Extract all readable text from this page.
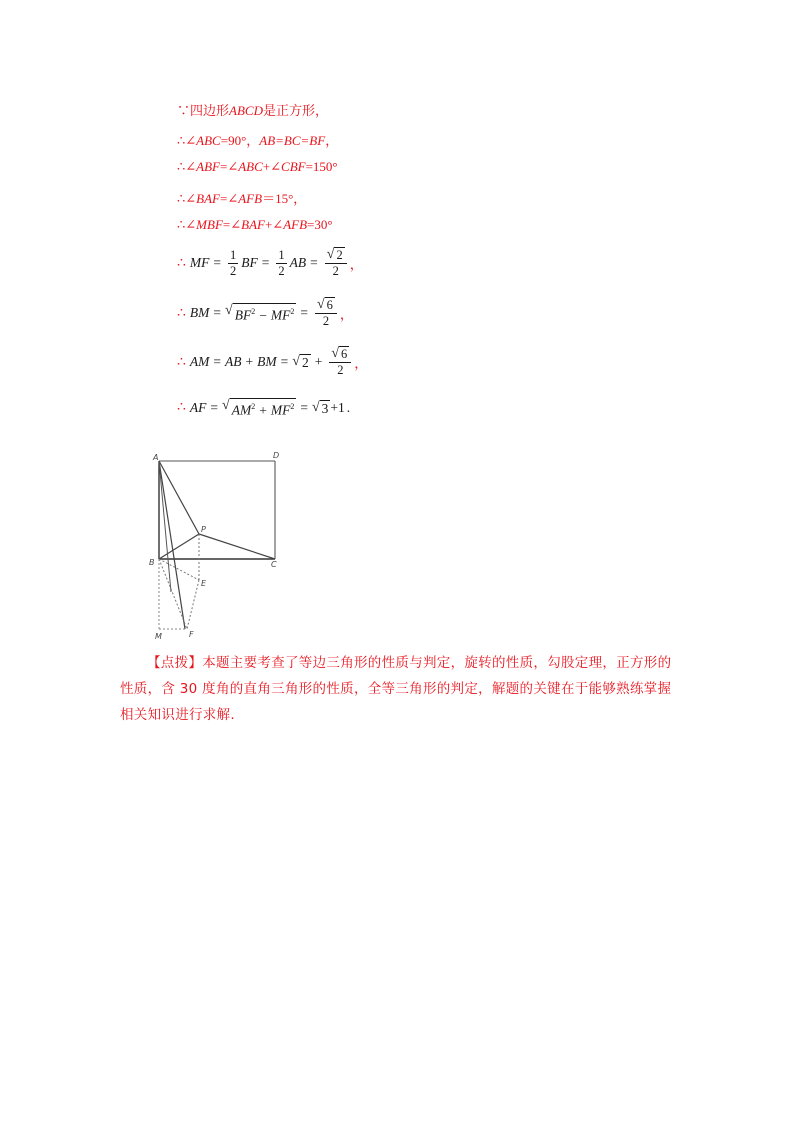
∵四边形ABCD是正方形，
∴∠ABC=90°，AB=BC=BF，
∴∠ABF=∠ABC+∠CBF=150°
∴∠BAF=∠AFB＝15°，
∴∠MBF=∠BAF+∠AFB=30°
∴ MF = $\frac{1}{2}$ BF = $\frac{1}{2}$ AB = $\frac{√ 2}{2}$ ，
∴ BM = √ $BF^2 - MF^2 = \frac{√ 6}{2}$ ，
∴ AM = AB + BM = √ $2 + \frac{√ 6}{2}$ ，
∴ AF = √ $AM^2 + MF^2$ = √ 3 +1 .
A	D
P
B	C
E
M	F
【点拨】本题主要考查了等边三角形的性质与判定，旋转的性质，勾股定理，正方形的性质，含 30 度角的直角三角形的性质，全等三角形的判定，解题的关键在于能够熟练掌握相关知识进行求解.
